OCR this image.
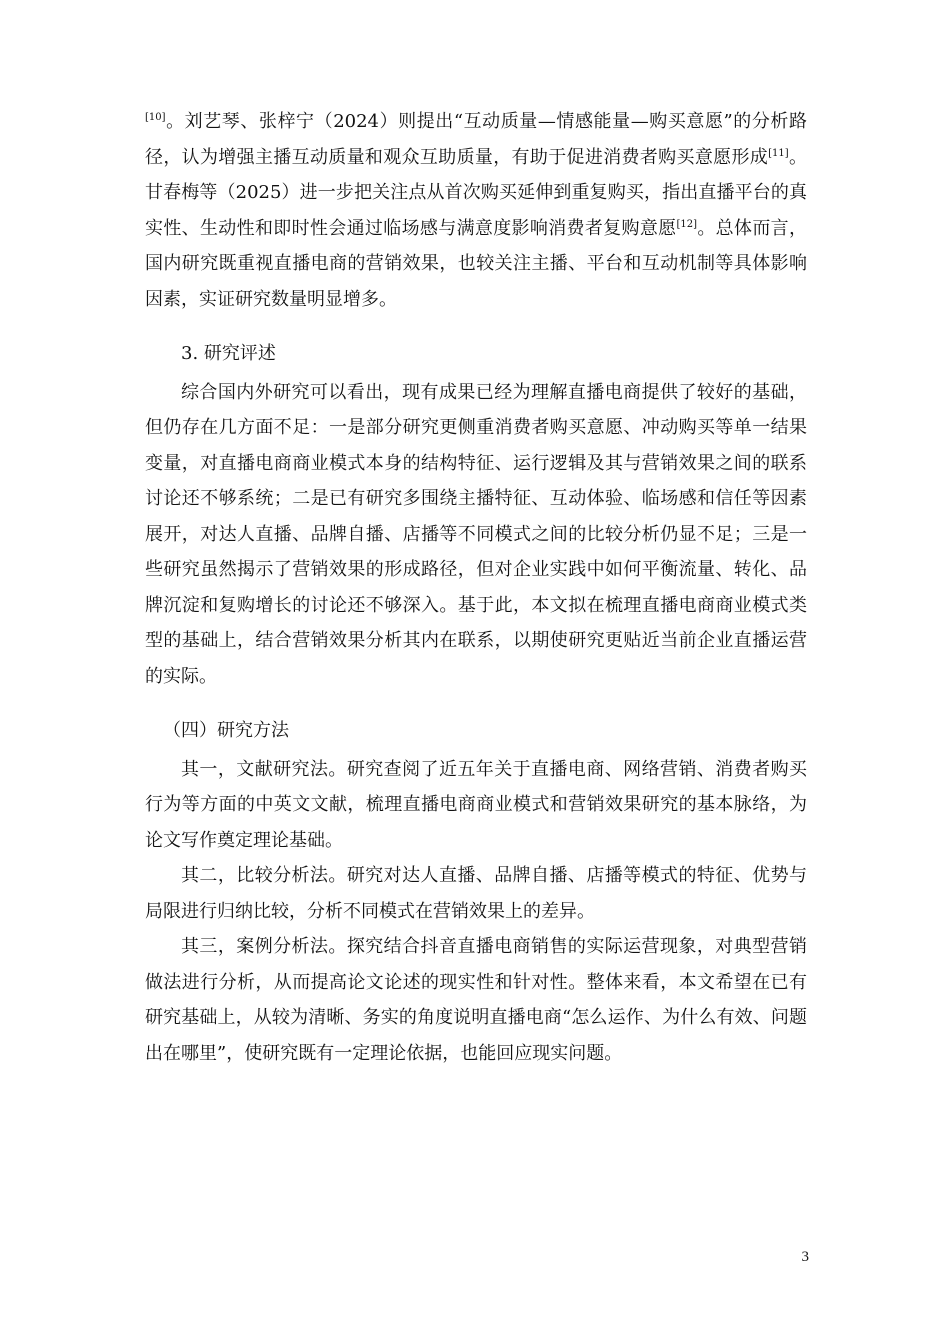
[10]。刘艺琴、张梓宁（2024）则提出“互动质量—情感能量—购买意愿”的分析路径，认为增强主播互动质量和观众互助质量，有助于促进消费者购买意愿形成[11]。甘春梅等（2025）进一步把关注点从首次购买延伸到重复购买，指出直播平台的真实性、生动性和即时性会通过临场感与满意度影响消费者复购意愿[12]。总体而言，国内研究既重视直播电商的营销效果，也较关注主播、平台和互动机制等具体影响因素，实证研究数量明显增多。

3. 研究评述

综合国内外研究可以看出，现有成果已经为理解直播电商提供了较好的基础，但仍存在几方面不足：一是部分研究更侧重消费者购买意愿、冲动购买等单一结果变量，对直播电商商业模式本身的结构特征、运行逻辑及其与营销效果之间的联系讨论还不够系统；二是已有研究多围绕主播特征、互动体验、临场感和信任等因素展开，对达人直播、品牌自播、店播等不同模式之间的比较分析仍显不足；三是一些研究虽然揭示了营销效果的形成路径，但对企业实践中如何平衡流量、转化、品牌沉淀和复购增长的讨论还不够深入。基于此，本文拟在梳理直播电商商业模式类型的基础上，结合营销效果分析其内在联系，以期使研究更贴近当前企业直播运营的实际。

（四）研究方法

其一，文献研究法。研究查阅了近五年关于直播电商、网络营销、消费者购买行为等方面的中英文文献，梳理直播电商商业模式和营销效果研究的基本脉络，为论文写作奠定理论基础。

其二，比较分析法。研究对达人直播、品牌自播、店播等模式的特征、优势与局限进行归纳比较，分析不同模式在营销效果上的差异。

其三，案例分析法。探究结合抖音直播电商销售的实际运营现象，对典型营销做法进行分析，从而提高论文论述的现实性和针对性。整体来看，本文希望在已有研究基础上，从较为清晰、务实的角度说明直播电商“怎么运作、为什么有效、问题出在哪里”，使研究既有一定理论依据，也能回应现实问题。

3
